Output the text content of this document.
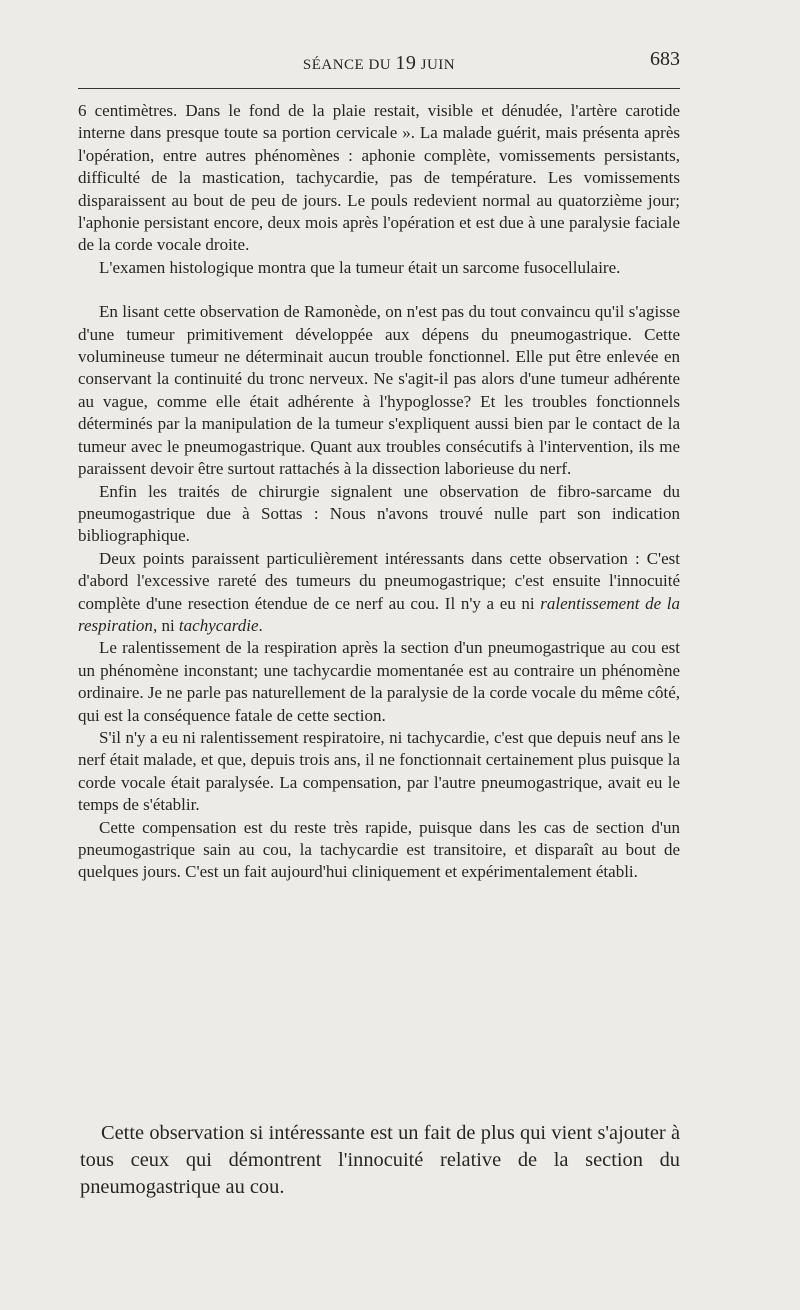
SÉANCE DU 19 JUIN	683

6 centimètres. Dans le fond de la plaie restait, visible et dénudée, l'artère carotide interne dans presque toute sa portion cervicale ». La malade guérit, mais présenta après l'opération, entre autres phénomènes : aphonie complète, vomissements persistants, difficulté de la mastication, tachycardie, pas de température. Les vomissements disparaissent au bout de peu de jours. Le pouls redevient normal au quatorzième jour; l'aphonie persistant encore, deux mois après l'opération et est due à une paralysie faciale de la corde vocale droite.

L'examen histologique montra que la tumeur était un sarcome fusocellulaire.

En lisant cette observation de Ramonède, on n'est pas du tout convaincu qu'il s'agisse d'une tumeur primitivement développée aux dépens du pneumogastrique. Cette volumineuse tumeur ne déterminait aucun trouble fonctionnel. Elle put être enlevée en conservant la continuité du tronc nerveux. Ne s'agit-il pas alors d'une tumeur adhérente au vague, comme elle était adhérente à l'hypoglosse? Et les troubles fonctionnels déterminés par la manipulation de la tumeur s'expliquent aussi bien par le contact de la tumeur avec le pneumogastrique. Quant aux troubles consécutifs à l'intervention, ils me paraissent devoir être surtout rattachés à la dissection laborieuse du nerf.

Enfin les traités de chirurgie signalent une observation de fibro-sarcame du pneumogastrique due à Sottas : Nous n'avons trouvé nulle part son indication bibliographique.

Deux points paraissent particulièrement intéressants dans cette observation : C'est d'abord l'excessive rareté des tumeurs du pneumogastrique; c'est ensuite l'innocuité complète d'une resection étendue de ce nerf au cou. Il n'y a eu ni ralentissement de la respiration, ni tachycardie.

Le ralentissement de la respiration après la section d'un pneumogastrique au cou est un phénomène inconstant; une tachycardie momentanée est au contraire un phénomène ordinaire. Je ne parle pas naturellement de la paralysie de la corde vocale du même côté, qui est la conséquence fatale de cette section.

S'il n'y a eu ni ralentissement respiratoire, ni tachycardie, c'est que depuis neuf ans le nerf était malade, et que, depuis trois ans, il ne fonctionnait certainement plus puisque la corde vocale était paralysée. La compensation, par l'autre pneumogastrique, avait eu le temps de s'établir.

Cette compensation est du reste très rapide, puisque dans les cas de section d'un pneumogastrique sain au cou, la tachycardie est transitoire, et disparaît au bout de quelques jours. C'est un fait aujourd'hui cliniquement et expérimentalement établi.

Cette observation si intéressante est un fait de plus qui vient s'ajouter à tous ceux qui démontrent l'innocuité relative de la section du pneumogastrique au cou.
